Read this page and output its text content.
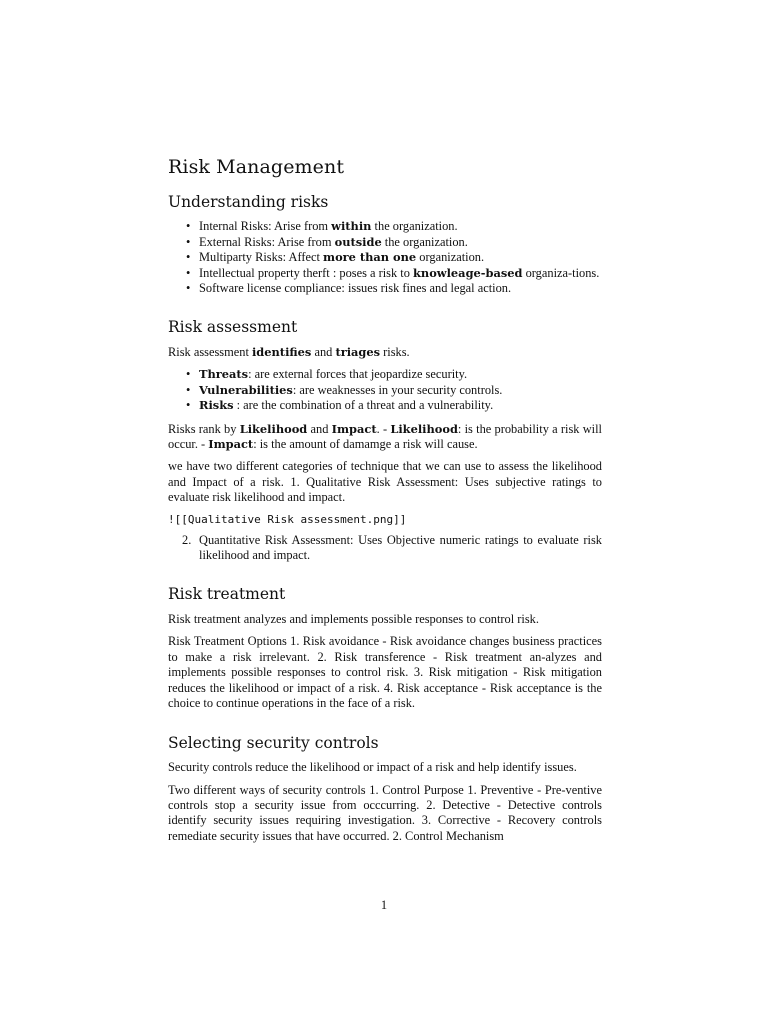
Risk Management
Understanding risks
• Internal Risks: Arise from within the organization.
• External Risks: Arise from outside the organization.
• Multiparty Risks: Affect more than one organization.
• Intellectual property therft : poses a risk to knowleage-based organiza-tions.
• Software license compliance: issues risk fines and legal action.
Risk assessment

Risk assessment identifies and triages risks.

• Threats: are external forces that jeopardize security.
• Vulnerabilities: are weaknesses in your security controls.
• Risks : are the combination of a threat and a vulnerability.

Risks rank by Likelihood and Impact. - Likelihood: is the probability a risk will occur. - Impact: is the amount of damamge a risk will cause.

we have two different categories of technique that we can use to assess the likelihood and Impact of a risk. 1. Qualitative Risk Assessment: Uses subjective ratings to evaluate risk likelihood and impact.

![[Qualitative Risk assessment.png]]
2. Quantitative Risk Assessment: Uses Objective numeric ratings to evaluate risk likelihood and impact.
Risk treatment

Risk treatment analyzes and implements possible responses to control risk.

Risk Treatment Options 1. Risk avoidance - Risk avoidance changes business practices to make a risk irrelevant. 2. Risk transference - Risk treatment an-alyzes and implements possible responses to control risk. 3. Risk mitigation - Risk mitigation reduces the likelihood or impact of a risk. 4. Risk acceptance - Risk acceptance is the choice to continue operations in the face of a risk.

Selecting security controls

Security controls reduce the likelihood or impact of a risk and help identify issues.

Two different ways of security controls 1. Control Purpose 1. Preventive - Pre-ventive controls stop a security issue from occcurring. 2. Detective - Detective controls identify security issues requiring investigation. 3. Corrective - Recovery controls remediate security issues that have occurred. 2. Control Mechanism

1
